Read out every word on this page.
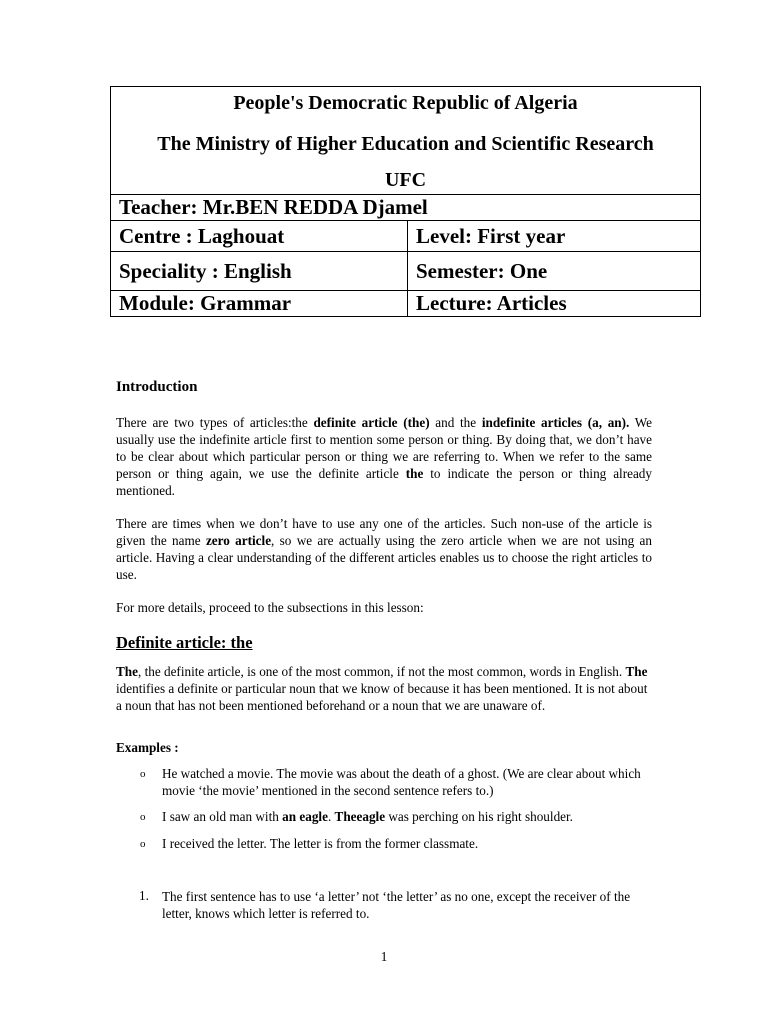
People's Democratic Republic of Algeria
The Ministry of Higher Education and Scientific Research
UFC	

Teacher: Mr.BEN REDDA Djamel	
Centre : Laghouat	Level: First year
Speciality : English	Semester: One
Module: Grammar	Lecture: Articles
Introduction
There are two types of articles:the definite article (the) and the indefinite articles (a, an). We usually use the indefinite article first to mention some person or thing. By doing that, we don’t have to be clear about which particular person or thing we are referring to. When we refer to the same person or thing again, we use the definite article the to indicate the person or thing already mentioned.
There are times when we don’t have to use any one of the articles. Such non-use of the article is given the name zero article, so we are actually using the zero article when we are not using an article. Having a clear understanding of the different articles enables us to choose the right articles to use.
For more details, proceed to the subsections in this lesson:
Definite article: the
The, the definite article, is one of the most common, if not the most common, words in English. The identifies a definite or particular noun that we know of because it has been mentioned. It is not about a noun that has not been mentioned beforehand or a noun that we are unaware of.
Examples :
o He watched a movie. The movie was about the death of a ghost. (We are clear about which movie ‘the movie’ mentioned in the second sentence refers to.)
o I saw an old man with an eagle. Theeagle was perching on his right shoulder.
o I received the letter. The letter is from the former classmate.
1. The first sentence has to use ‘a letter’ not ‘the letter’ as no one, except the receiver of the letter, knows which letter is referred to.
1
